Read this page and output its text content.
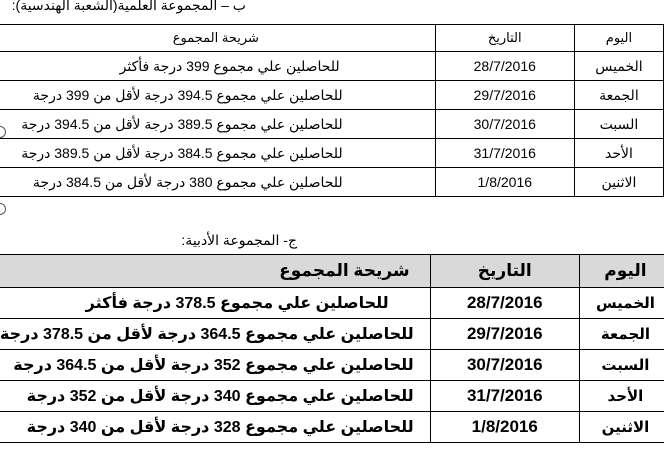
ب – المجموعة العلمية(الشعبة الهندسية):
اليوم	التاريخ	شريحة المجموع
الخميس	28/7/2016	للحاصلين علي مجموع 399 درجة فأكثر
الجمعة	29/7/2016	للحاصلين علي مجموع 394.5 درجة لأقل من 399 درجة
السبت	30/7/2016	للحاصلين علي مجموع 389.5 درجة لأقل من 394.5 درجة
الأحد	31/7/2016	للحاصلين علي مجموع 384.5 درجة لأقل من 389.5 درجة
الاثنين	1/8/2016	للحاصلين علي مجموع 380 درجة لأقل من 384.5 درجة
ج- المجموعة الأدبية:
اليوم	التاريخ	شريحة المجموع
الخميس	28/7/2016	للحاصلين علي مجموع 378.5 درجة فأكثر
الجمعة	29/7/2016	للحاصلين علي مجموع 364.5 درجة لأقل من 378.5 درجة
السبت	30/7/2016	للحاصلين علي مجموع 352 درجة لأقل من 364.5 درجة
الأحد	31/7/2016	للحاصلين علي مجموع 340 درجة لأقل من 352 درجة
الاثنين	1/8/2016	للحاصلين علي مجموع 328 درجة لأقل من 340 درجة
